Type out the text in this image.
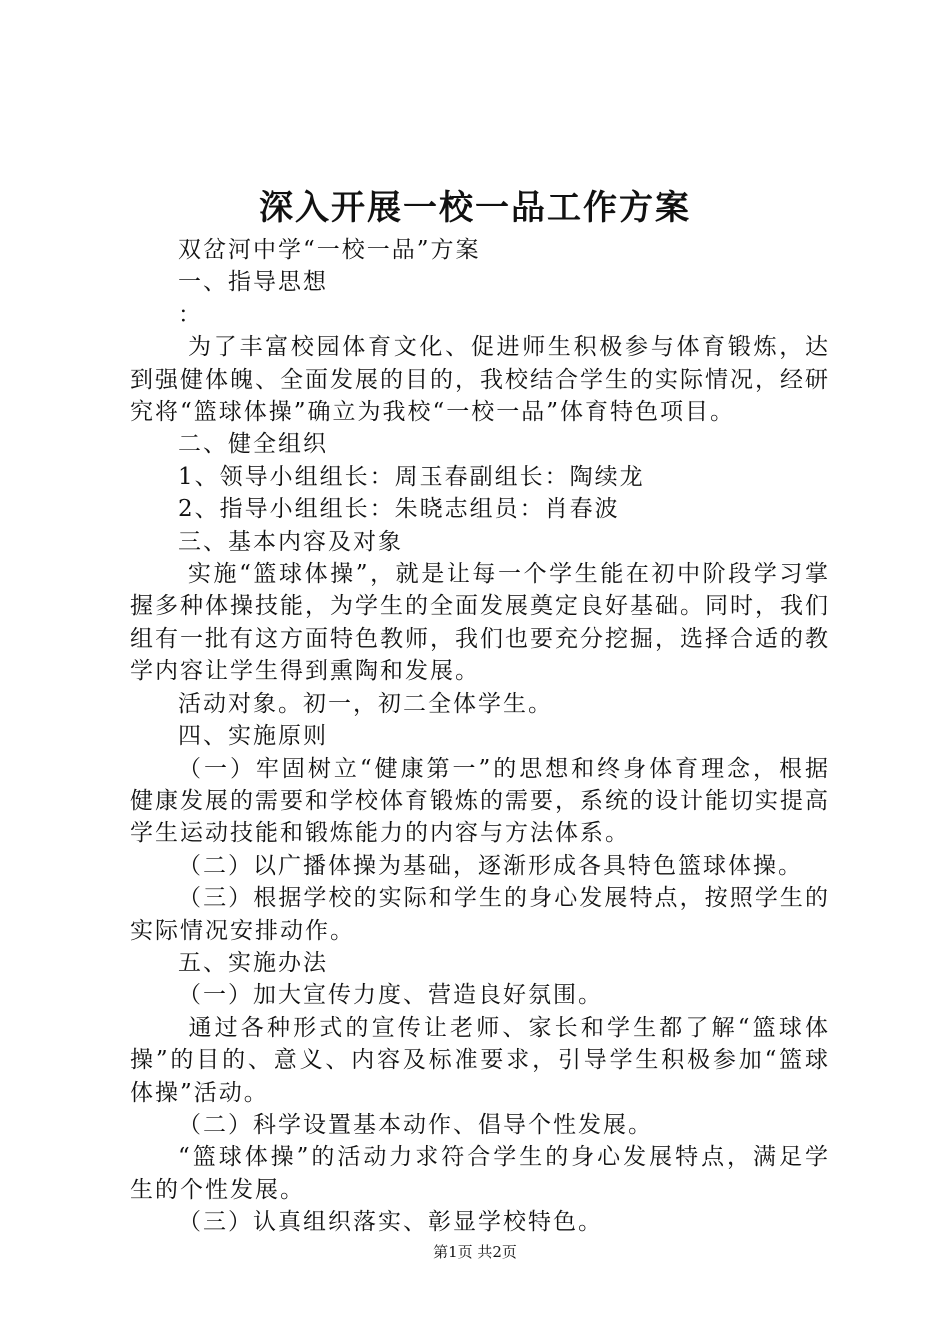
深入开展一校一品工作方案

双岔河中学“一校一品”方案

一、指导思想

：

为了丰富校园体育文化、促进师生积极参与体育锻炼，达到强健体魄、全面发展的目的，我校结合学生的实际情况，经研究将“篮球体操”确立为我校“一校一品”体育特色项目。

二、健全组织

1、领导小组组长：周玉春副组长：陶续龙

2、指导小组组长：朱晓志组员：肖春波

三、基本内容及对象

实施“篮球体操”，就是让每一个学生能在初中阶段学习掌握多种体操技能，为学生的全面发展奠定良好基础。同时，我们组有一批有这方面特色教师，我们也要充分挖掘，选择合适的教学内容让学生得到熏陶和发展。

活动对象。初一，初二全体学生。

四、实施原则

（一）牢固树立“健康第一”的思想和终身体育理念，根据健康发展的需要和学校体育锻炼的需要，系统的设计能切实提高学生运动技能和锻炼能力的内容与方法体系。

（二）以广播体操为基础，逐渐形成各具特色篮球体操。

（三）根据学校的实际和学生的身心发展特点，按照学生的实际情况安排动作。

五、实施办法

（一）加大宣传力度、营造良好氛围。

通过各种形式的宣传让老师、家长和学生都了解“篮球体操”的目的、意义、内容及标准要求，引导学生积极参加“篮球体操”活动。

（二）科学设置基本动作、倡导个性发展。

“篮球体操”的活动力求符合学生的身心发展特点，满足学生的个性发展。

（三）认真组织落实、彰显学校特色。

第1页 共2页
